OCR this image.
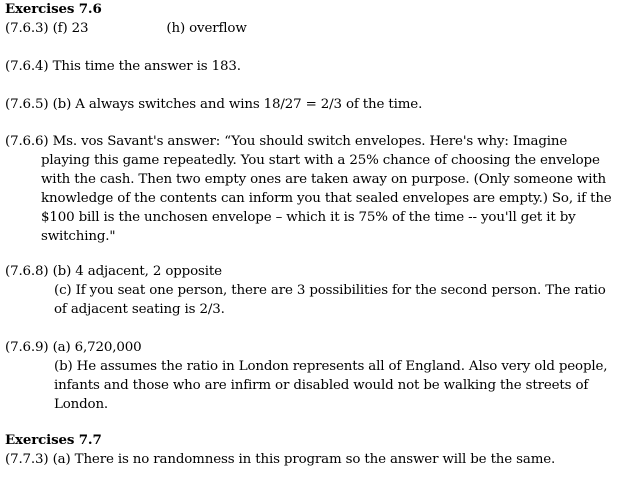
Exercises 7.6
(7.6.3) (f) 23	(h) overflow
(7.6.4) This time the answer is 183.
(7.6.5) (b) A always switches and wins 18/27 = 2/3 of the time.
(7.6.6) Ms. vos Savant's answer: “You should switch envelopes. Here's why: Imagine
playing this game repeatedly. You start with a 25% chance of choosing the envelope
with the cash. Then two empty ones are taken away on purpose. (Only someone with
knowledge of the contents can inform you that sealed envelopes are empty.) So, if the
$100 bill is the unchosen envelope – which it is 75% of the time -- you'll get it by
switching."
(7.6.8) (b) 4 adjacent, 2 opposite
(c) If you seat one person, there are 3 possibilities for the second person. The ratio
of adjacent seating is 2/3.
(7.6.9) (a) 6,720,000
(b) He assumes the ratio in London represents all of England. Also very old people,
infants and those who are infirm or disabled would not be walking the streets of
London.
Exercises 7.7
(7.7.3) (a) There is no randomness in this program so the answer will be the same.
